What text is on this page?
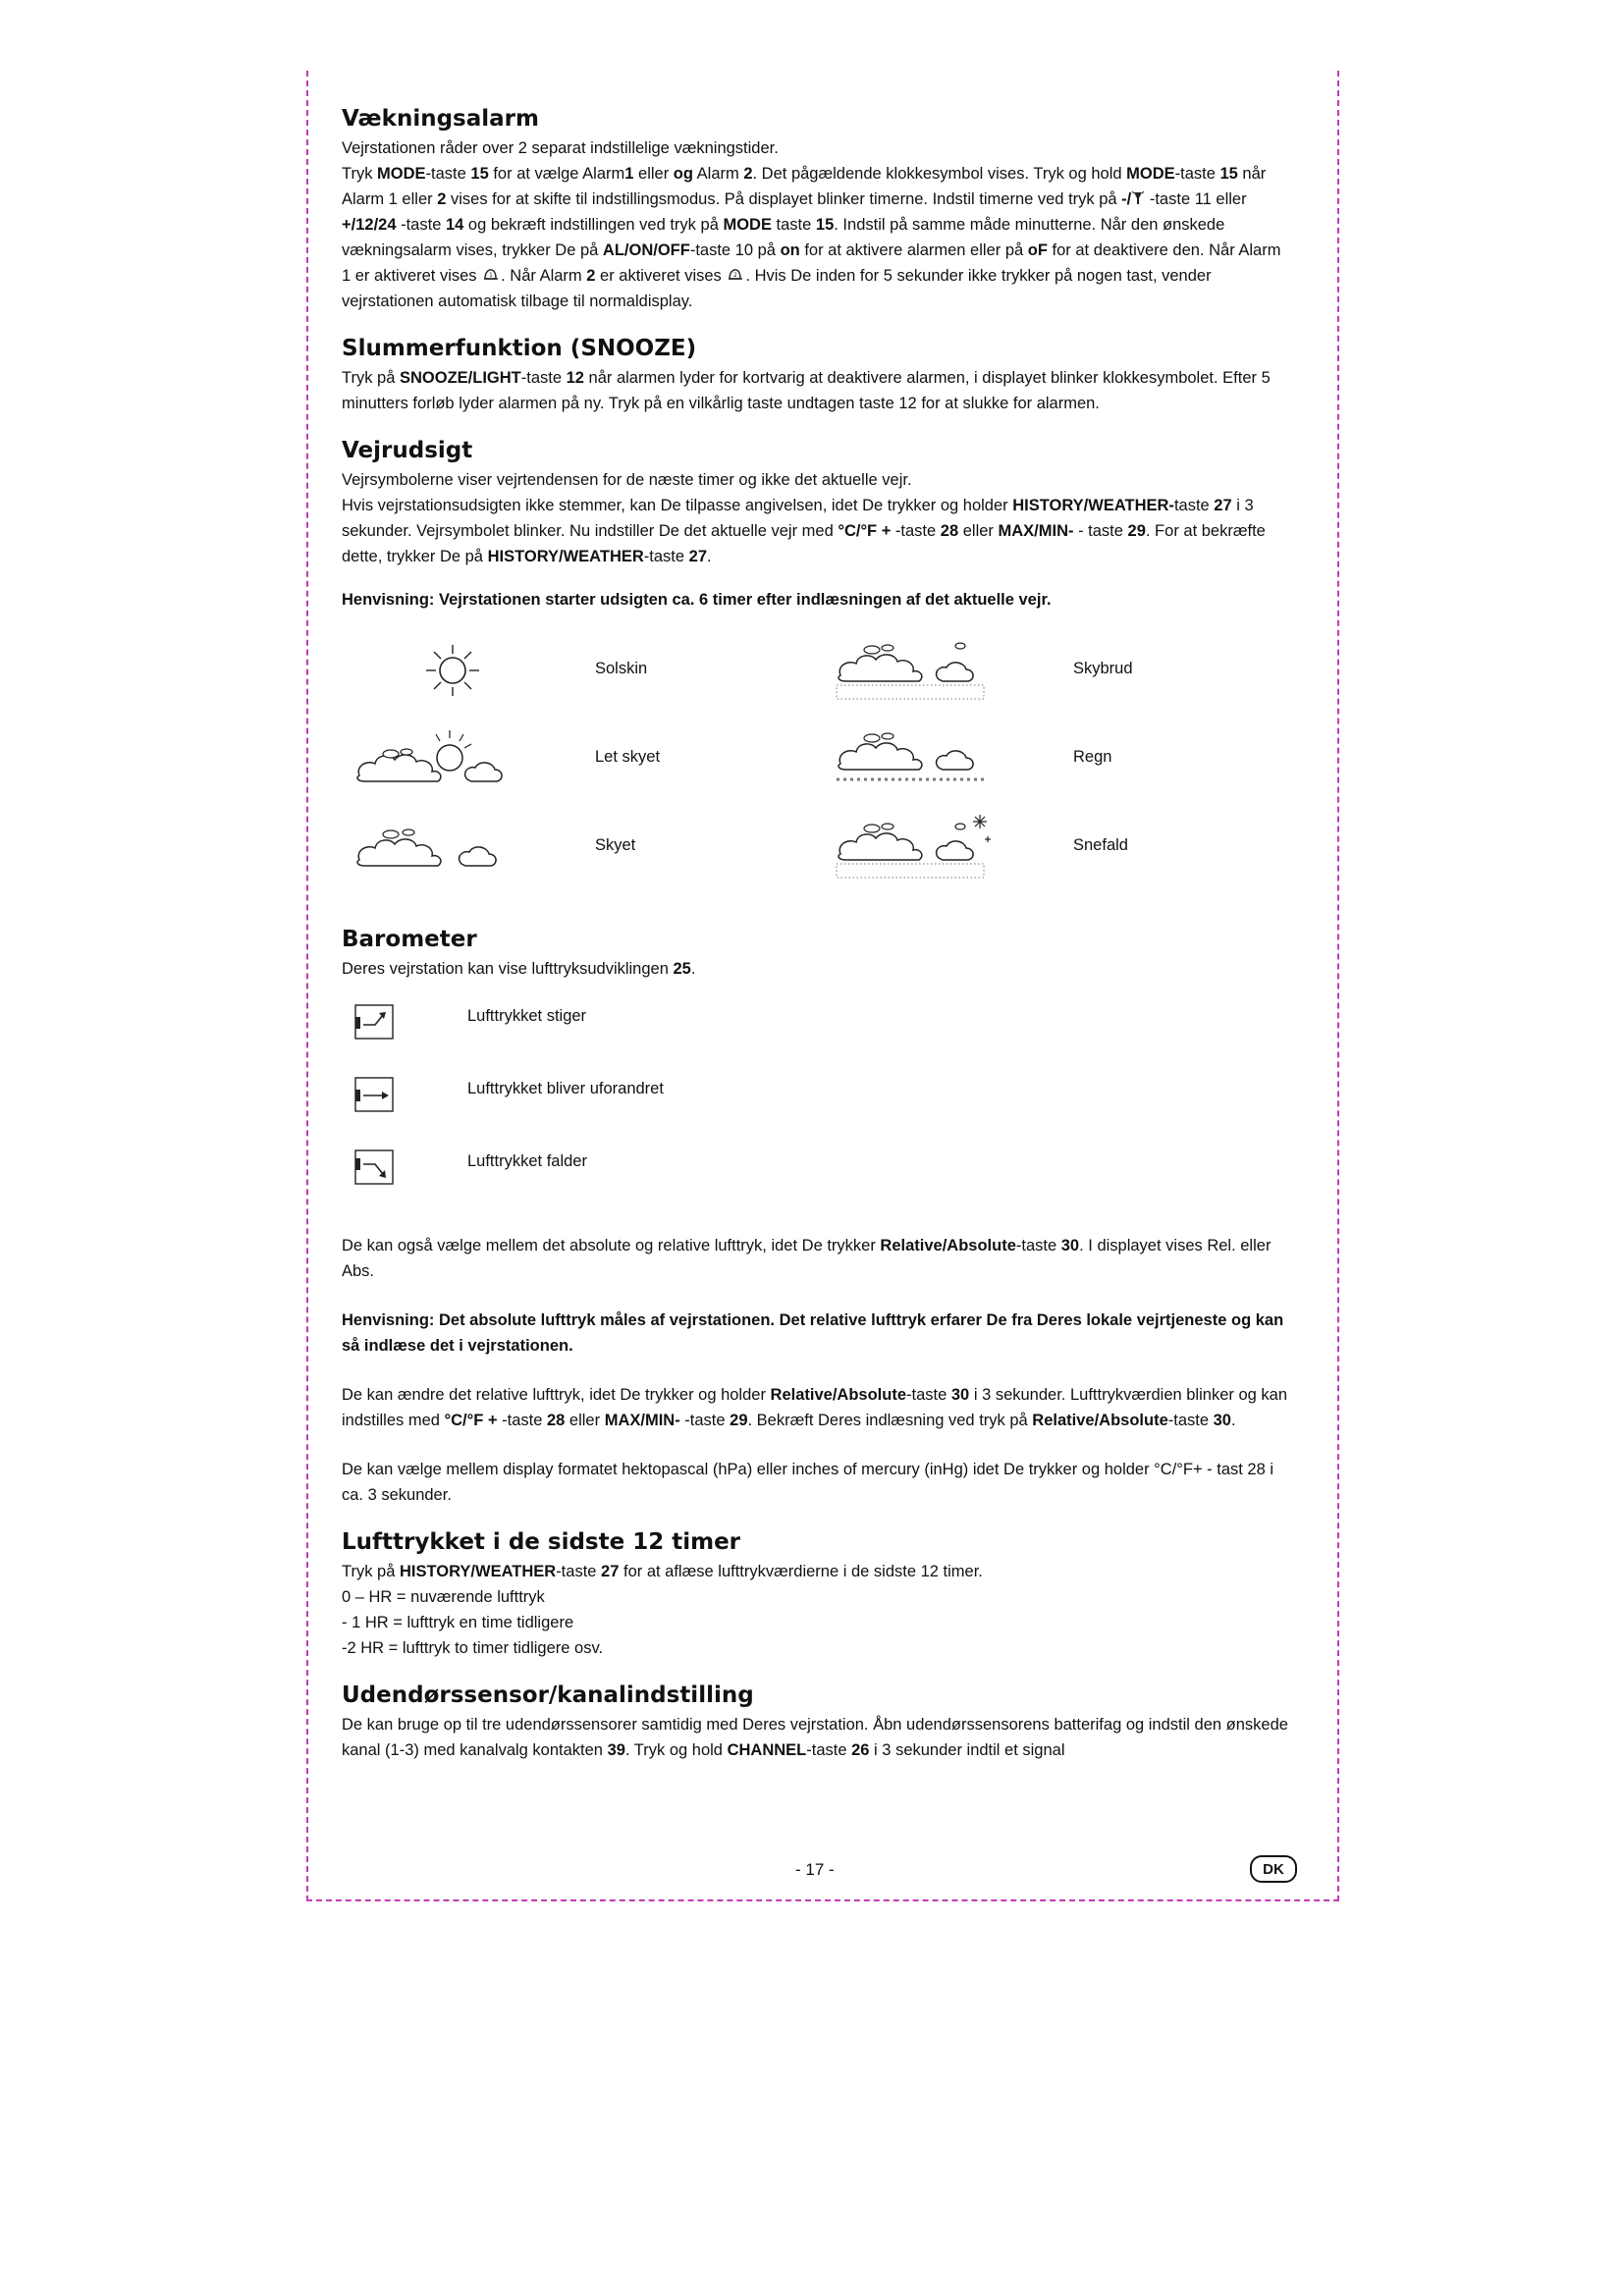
Vækningsalarm

Vejrstationen råder over 2 separat indstillelige vækningstider.

Tryk MODE-taste 15 for at vælge Alarm1 eller og Alarm 2. Det pågældende klokkesymbol vises. Tryk og hold MODE-taste 15 når Alarm 1 eller 2 vises for at skifte til indstillingsmodus. På displayet blinker timerne. Indstil timerne ved tryk på -/ -taste 11 eller +/12/24 -taste 14 og bekræft indstillingen ved tryk på MODE taste 15. Indstil på samme måde minutterne. Når den ønskede vækningsalarm vises, trykker De på AL/ON/OFF-taste 10 på on for at aktivere alarmen eller på oF for at deaktivere den. Når Alarm 1 er aktiveret vises 1 . Når Alarm 2 er aktiveret vises 2 . Hvis De inden for 5 sekunder ikke trykker på nogen tast, vender vejrstationen automatisk tilbage til normaldisplay.

Slummerfunktion (SNOOZE)

Tryk på SNOOZE/LIGHT-taste 12 når alarmen lyder for kortvarig at deaktivere alarmen, i displayet blinker klokkesymbolet. Efter 5 minutters forløb lyder alarmen på ny. Tryk på en vilkårlig taste undtagen taste 12 for at slukke for alarmen.

Vejrudsigt

Vejrsymbolerne viser vejrtendensen for de næste timer og ikke det aktuelle vejr.

Hvis vejrstationsudsigten ikke stemmer, kan De tilpasse angivelsen, idet De trykker og holder HISTORY/WEATHER-taste 27 i 3 sekunder. Vejrsymbolet blinker. Nu indstiller De det aktuelle vejr med °C/°F + -taste 28 eller MAX/MIN- - taste 29. For at bekræfte dette, trykker De på HISTORY/WEATHER-taste 27.

Henvisning: Vejrstationen starter udsigten ca. 6 timer efter indlæsningen af det aktuelle vejr.

Solskin
Let skyet
Skyet
Skybrud
Regn
Snefald
Barometer

Deres vejrstation kan vise lufttryksudviklingen 25.

Lufttrykket stiger
Lufttrykket bliver uforandret
Lufttrykket falder

De kan også vælge mellem det absolute og relative lufttryk, idet De trykker Relative/Absolute-taste 30. I displayet vises Rel. eller Abs.

Henvisning: Det absolute lufttryk måles af vejrstationen. Det relative lufttryk erfarer De fra Deres lokale vejrtjeneste og kan så indlæse det i vejrstationen.

De kan ændre det relative lufttryk, idet De trykker og holder Relative/Absolute-taste 30 i 3 sekunder. Lufttrykværdien blinker og kan indstilles med °C/°F + -taste 28 eller MAX/MIN- -taste 29. Bekræft Deres indlæsning ved tryk på Relative/Absolute-taste 30.

De kan vælge mellem display formatet hektopascal (hPa) eller inches of mercury (inHg) idet De trykker og holder °C/°F+ - tast 28 i ca. 3 sekunder.

Lufttrykket i de sidste 12 timer

Tryk på HISTORY/WEATHER-taste 27 for at aflæse lufttrykværdierne i de sidste 12 timer.

0 – HR = nuværende lufttryk

- 1 HR = lufttryk en time tidligere

-2 HR = lufttryk to timer tidligere osv.

Udendørssensor/kanalindstilling

De kan bruge op til tre udendørssensorer samtidig med Deres vejrstation. Åbn udendørssensorens batterifag og indstil den ønskede kanal (1-3) med kanalvalg kontakten 39. Tryk og hold CHANNEL-taste 26 i 3 sekunder indtil et signal

- 17 -	DK
